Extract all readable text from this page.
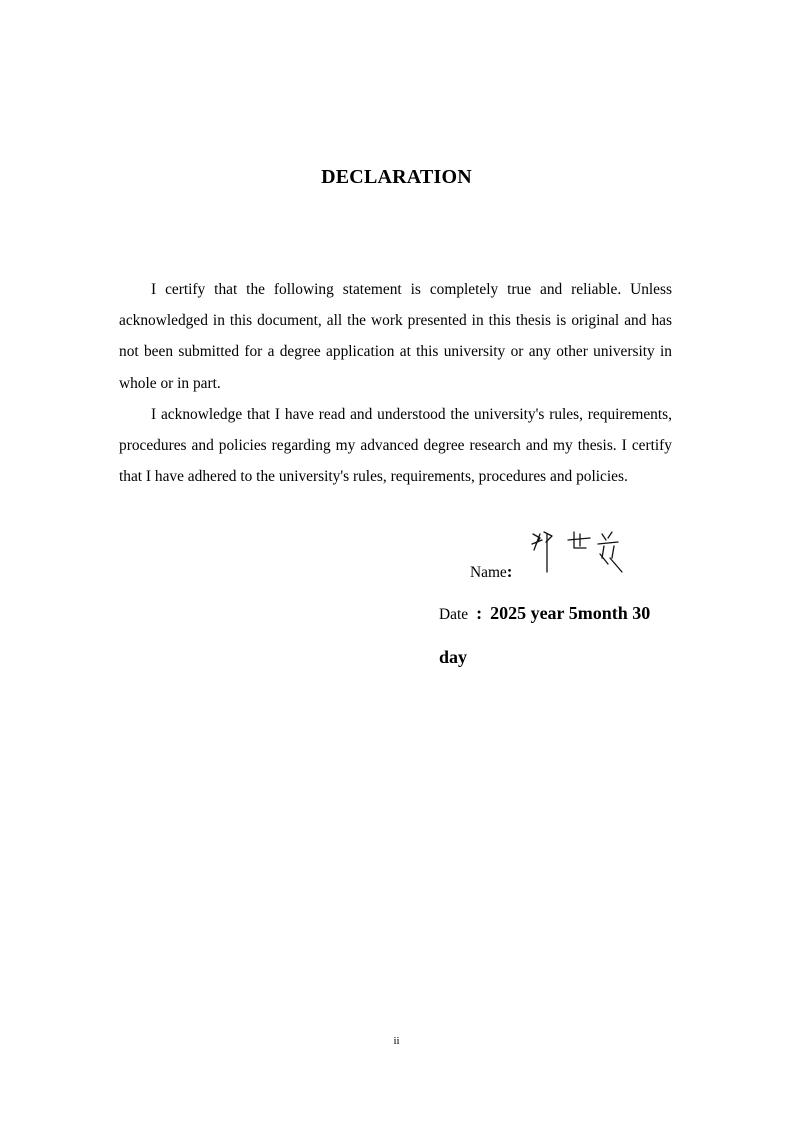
DECLARATION

I certify that the following statement is completely true and reliable. Unless acknowledged in this document, all the work presented in this thesis is original and has not been submitted for a degree application at this university or any other university in whole or in part.

I acknowledge that I have read and understood the university's rules, requirements, procedures and policies regarding my advanced degree research and my thesis. I certify that I have adhered to the university's rules, requirements, procedures and policies.

Name:
Date : 2025 year 5month 30 day
ii
